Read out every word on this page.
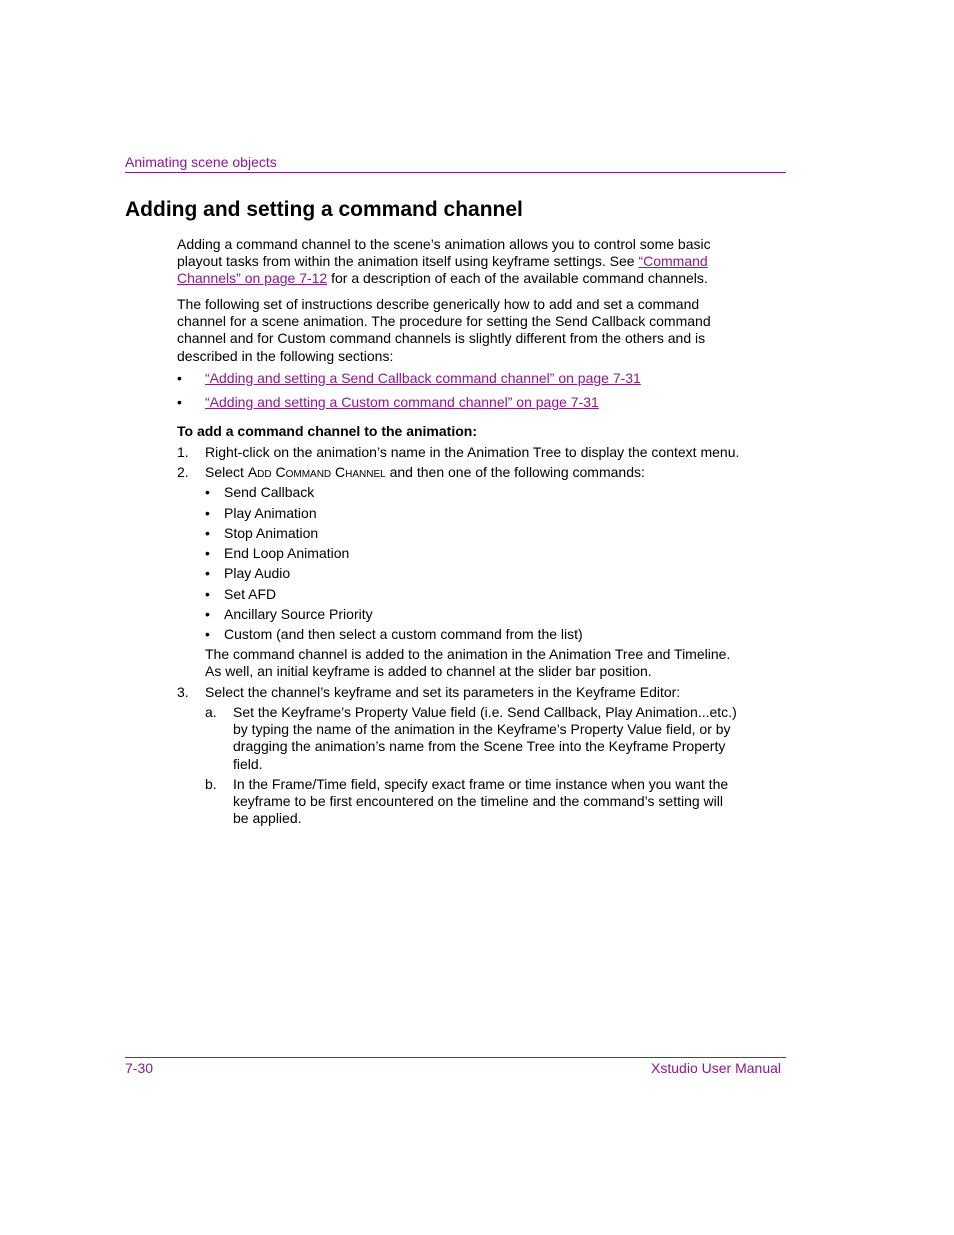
Animating scene objects
Adding and setting a command channel

Adding a command channel to the scene’s animation allows you to control some basic playout tasks from within the animation itself using keyframe settings. See “Command Channels” on page 7-12 for a description of each of the available command channels.

The following set of instructions describe generically how to add and set a command channel for a scene animation. The procedure for setting the Send Callback command channel and for Custom command channels is slightly different from the others and is described in the following sections:

• “Adding and setting a Send Callback command channel” on page 7-31
• “Adding and setting a Custom command channel” on page 7-31
To add a command channel to the animation:
1. Right-click on the animation’s name in the Animation Tree to display the context menu.
2. Select Add Command Channel and then one of the following commands:
• Send Callback
• Play Animation
• Stop Animation
• End Loop Animation
• Play Audio
• Set AFD
• Ancillary Source Priority
• Custom (and then select a custom command from the list)
The command channel is added to the animation in the Animation Tree and Timeline. As well, an initial keyframe is added to channel at the slider bar position.
3. Select the channel’s keyframe and set its parameters in the Keyframe Editor:
a. Set the Keyframe’s Property Value field (i.e. Send Callback, Play Animation...etc.) by typing the name of the animation in the Keyframe’s Property Value field, or by dragging the animation’s name from the Scene Tree into the Keyframe Property field.
b. In the Frame/Time field, specify exact frame or time instance when you want the keyframe to be first encountered on the timeline and the command’s setting will be applied.
7-30	Xstudio User Manual
